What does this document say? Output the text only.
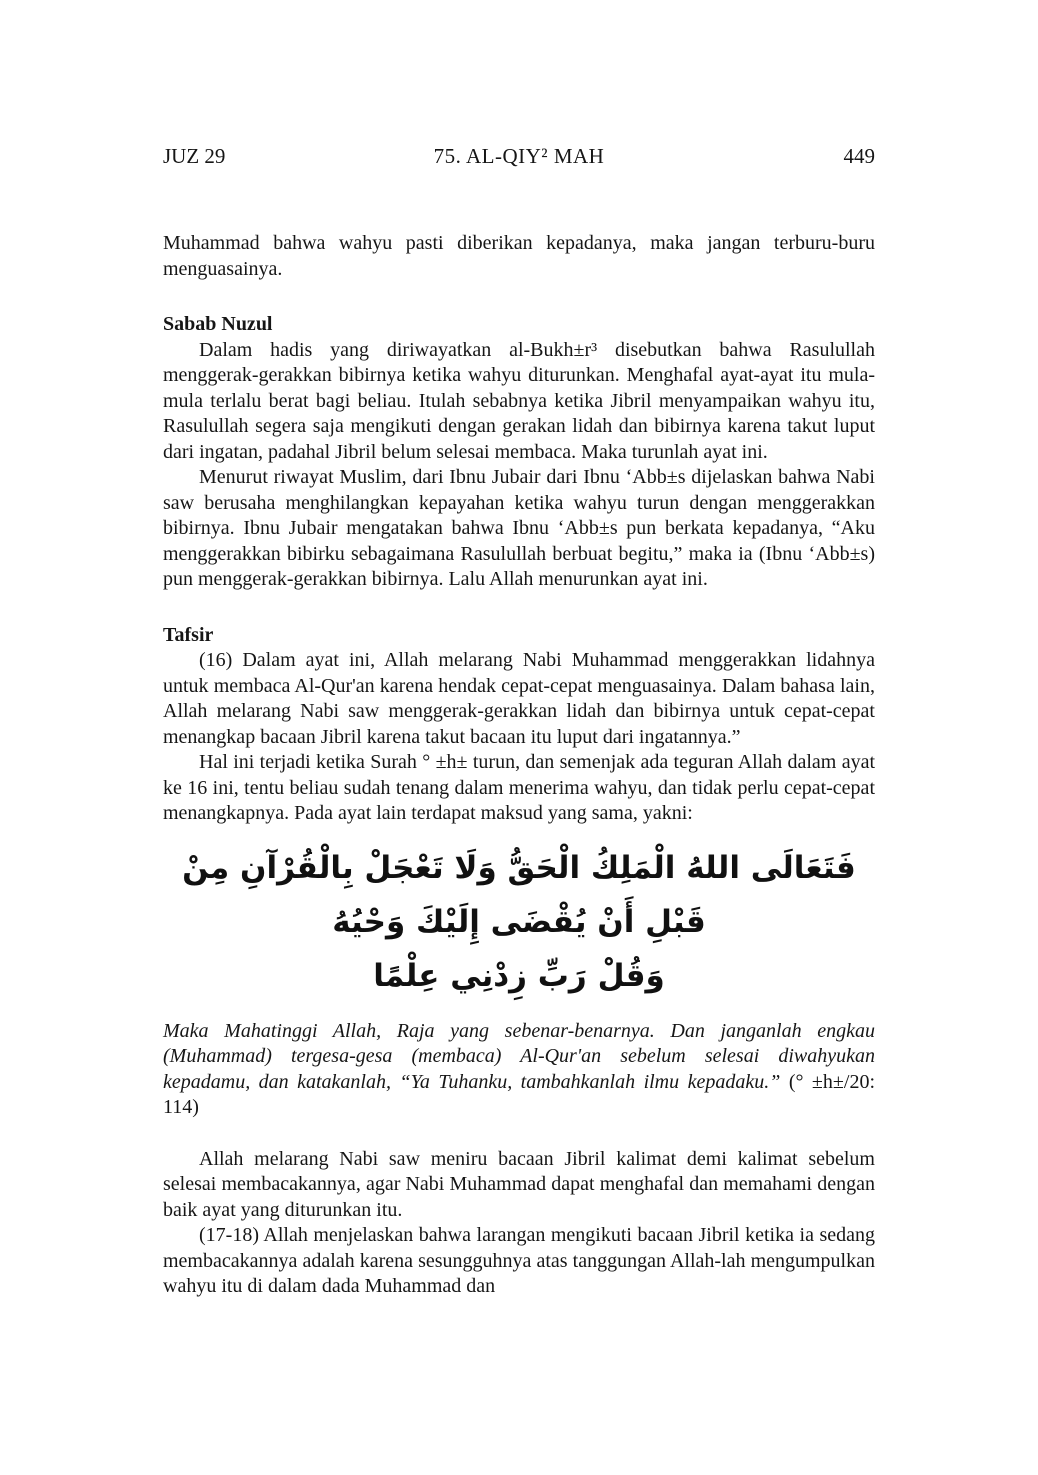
JUZ 29	75. AL-QIY² MAH	449

Muhammad bahwa wahyu pasti diberikan kepadanya, maka jangan terburu-buru menguasainya.

Sabab Nuzul

Dalam hadis yang diriwayatkan al-Bukh±r³ disebutkan bahwa Rasulullah menggerak-gerakkan bibirnya ketika wahyu diturunkan. Menghafal ayat-ayat itu mula-mula terlalu berat bagi beliau. Itulah sebabnya ketika Jibril menyampaikan wahyu itu, Rasulullah segera saja mengikuti dengan gerakan lidah dan bibirnya karena takut luput dari ingatan, padahal Jibril belum selesai membaca. Maka turunlah ayat ini.

Menurut riwayat Muslim, dari Ibnu Jubair dari Ibnu ‘Abb±s dijelaskan bahwa Nabi saw berusaha menghilangkan kepayahan ketika wahyu turun dengan menggerakkan bibirnya. Ibnu Jubair mengatakan bahwa Ibnu ‘Abb±s pun berkata kepadanya, “Aku menggerakkan bibirku sebagaimana Rasulullah berbuat begitu,” maka ia (Ibnu ‘Abb±s) pun menggerak-gerakkan bibirnya. Lalu Allah menurunkan ayat ini.

Tafsir

(16) Dalam ayat ini, Allah melarang Nabi Muhammad menggerakkan lidahnya untuk membaca Al-Qur'an karena hendak cepat-cepat menguasainya. Dalam bahasa lain, Allah melarang Nabi saw menggerak-gerakkan lidah dan bibirnya untuk cepat-cepat menangkap bacaan Jibril karena takut bacaan itu luput dari ingatannya.”

Hal ini terjadi ketika Surah ° ±h± turun, dan semenjak ada teguran Allah dalam ayat ke 16 ini, tentu beliau sudah tenang dalam menerima wahyu, dan tidak perlu cepat-cepat menangkapnya. Pada ayat lain terdapat maksud yang sama, yakni:

فَتَعَالَى اللهُ الْمَلِكُ الْحَقُّ وَلَا تَعْجَلْ بِالْقُرْآنِ مِنْ قَبْلِ أَنْ يُقْضَى إِلَيْكَ وَحْيُهُ
وَقُلْ رَبِّ زِدْنِي عِلْمًا

Maka Mahatinggi Allah, Raja yang sebenar-benarnya. Dan janganlah engkau (Muhammad) tergesa-gesa (membaca) Al-Qur'an sebelum selesai diwahyukan kepadamu, dan katakanlah, “Ya Tuhanku, tambahkanlah ilmu kepadaku.” (° ±h±/20: 114)

Allah melarang Nabi saw meniru bacaan Jibril kalimat demi kalimat sebelum selesai membacakannya, agar Nabi Muhammad dapat menghafal dan memahami dengan baik ayat yang diturunkan itu.

(17-18) Allah menjelaskan bahwa larangan mengikuti bacaan Jibril ketika ia sedang membacakannya adalah karena sesungguhnya atas tanggungan Allah-lah mengumpulkan wahyu itu di dalam dada Muhammad dan
